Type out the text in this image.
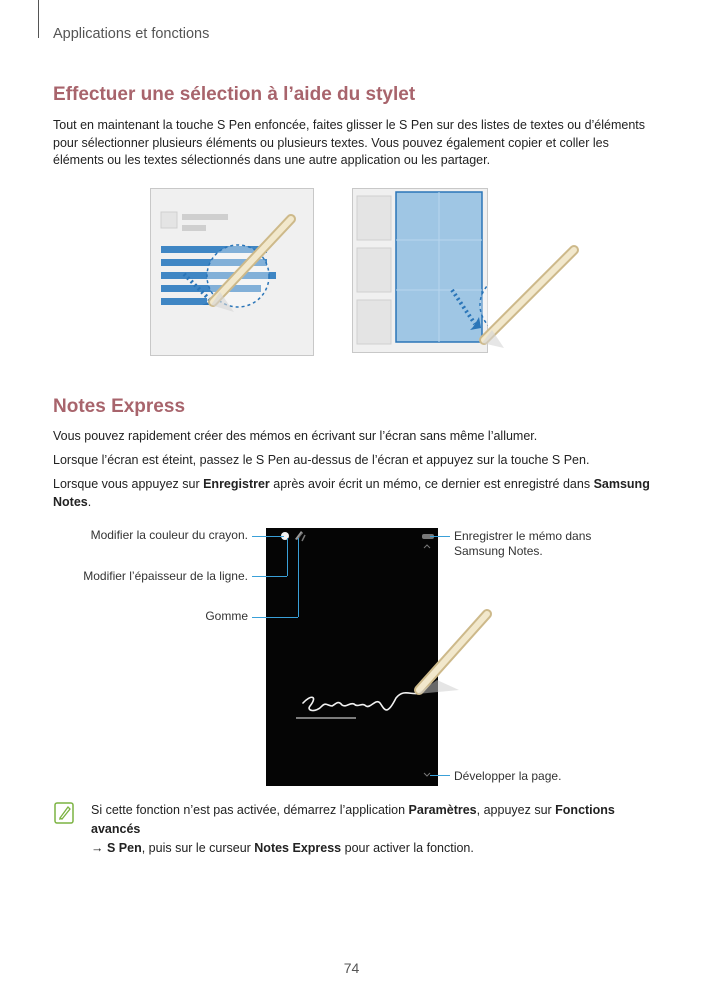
Applications et fonctions
Effectuer une sélection à l’aide du stylet
Tout en maintenant la touche S Pen enfoncée, faites glisser le S Pen sur des listes de textes ou d’éléments pour sélectionner plusieurs éléments ou plusieurs textes. Vous pouvez également copier et coller les éléments ou les textes sélectionnés dans une autre application ou les partager.
Notes Express
Vous pouvez rapidement créer des mémos en écrivant sur l’écran sans même l’allumer.
Lorsque l’écran est éteint, passez le S Pen au-dessus de l’écran et appuyez sur la touche S Pen.
Lorsque vous appuyez sur Enregistrer après avoir écrit un mémo, ce dernier est enregistré dans Samsung Notes.
Modifier la couleur du crayon.
Modifier l’épaisseur de la ligne.
Gomme
Enregistrer le mémo dans Samsung Notes.
Développer la page.
Si cette fonction n’est pas activée, démarrez l’application Paramètres, appuyez sur Fonctions avancés
→ S Pen, puis sur le curseur Notes Express pour activer la fonction.
74
